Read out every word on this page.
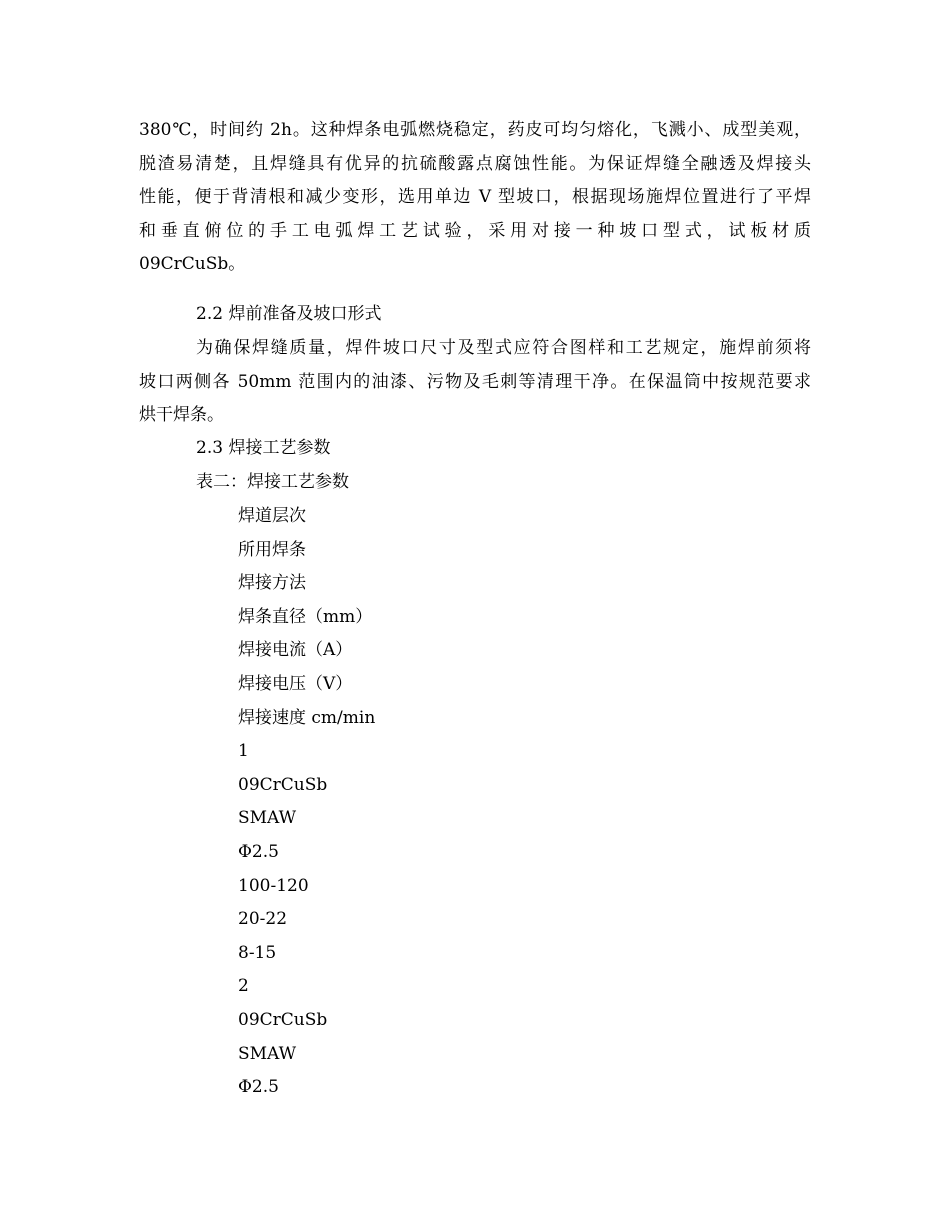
380℃，时间约 2h。这种焊条电弧燃烧稳定，药皮可均匀熔化，飞溅小、成型美观，
脱渣易清楚，且焊缝具有优异的抗硫酸露点腐蚀性能。为保证焊缝全融透及焊接头
性能，便于背清根和减少变形，选用单边 V 型坡口，根据现场施焊位置进行了平焊
和垂直俯位的手工电弧焊工艺试验，采用对接一种坡口型式，试板材质
09CrCuSb。
2.2 焊前准备及坡口形式
为确保焊缝质量，焊件坡口尺寸及型式应符合图样和工艺规定，施焊前须将
坡口两侧各 50mm 范围内的油漆、污物及毛刺等清理干净。在保温筒中按规范要求
烘干焊条。
2.3 焊接工艺参数
表二：焊接工艺参数
焊道层次
所用焊条
焊接方法
焊条直径（mm）
焊接电流（A）
焊接电压（V）
焊接速度 cm/min
1
09CrCuSb
SMAW
Φ2.5
100-120
20-22
8-15
2
09CrCuSb
SMAW
Φ2.5
